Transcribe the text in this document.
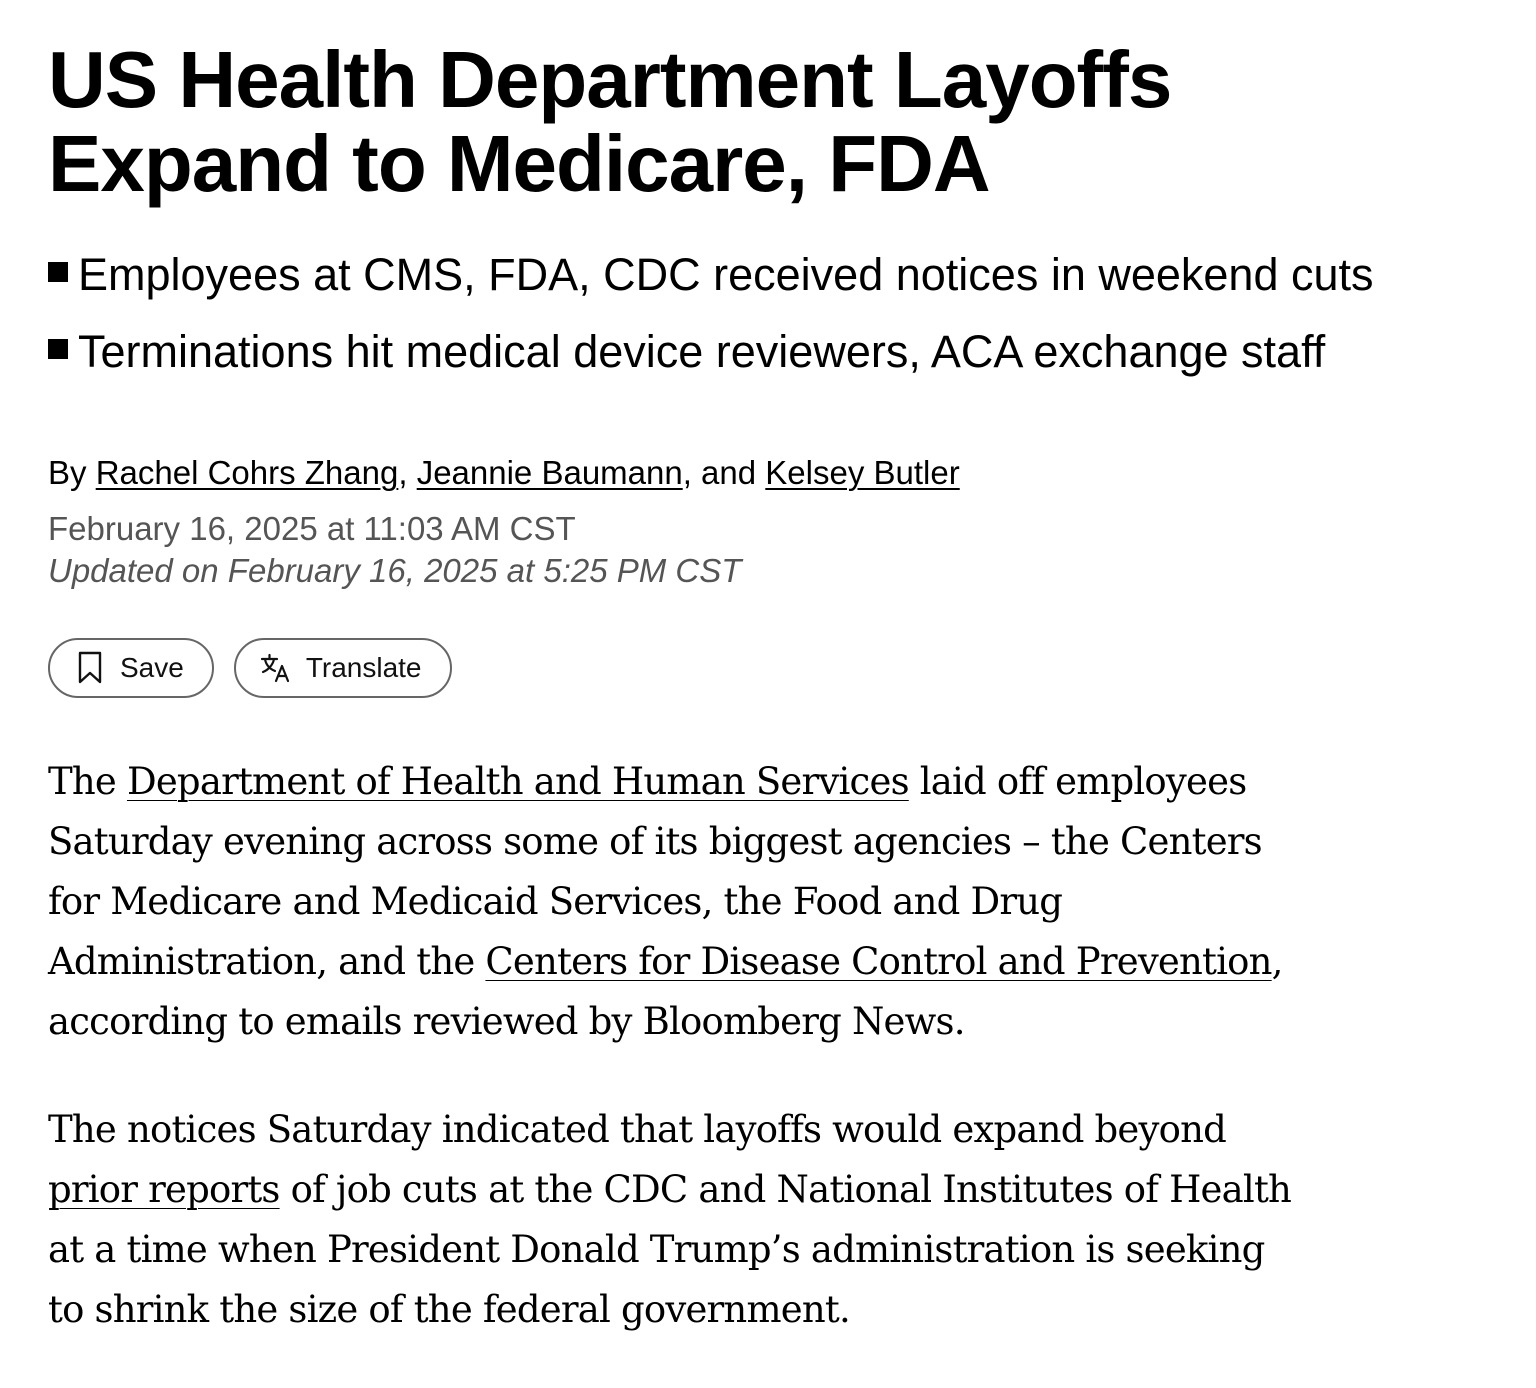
US Health Department Layoffs Expand to Medicare, FDA
Employees at CMS, FDA, CDC received notices in weekend cuts
Terminations hit medical device reviewers, ACA exchange staff
By Rachel Cohrs Zhang, Jeannie Baumann, and Kelsey Butler
February 16, 2025 at 11:03 AM CST
Updated on February 16, 2025 at 5:25 PM CST
Save	Translate

The Department of Health and Human Services laid off employees Saturday evening across some of its biggest agencies – the Centers for Medicare and Medicaid Services, the Food and Drug Administration, and the Centers for Disease Control and Prevention, according to emails reviewed by Bloomberg News.

The notices Saturday indicated that layoffs would expand beyond prior reports of job cuts at the CDC and National Institutes of Health at a time when President Donald Trump’s administration is seeking to shrink the size of the federal government.
